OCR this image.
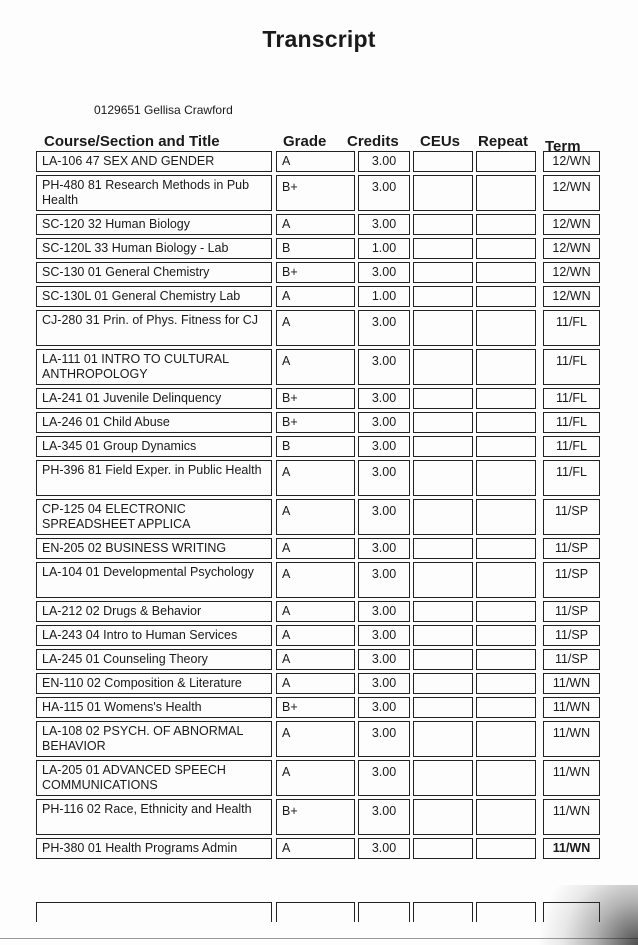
Transcript
0129651 Gellisa Crawford
Course/Section and Title	Grade Credits CEUs Repeat Term
LA-106 47 SEX AND GENDER	A	3.00	12/WN
PH-480 81 Research Methods in Pub Health
B+	3.00	12/WN
SC-120 32 Human Biology	A	3.00	12/WN
SC-120L 33 Human Biology - Lab	B	1.00	12/WN
SC-130 01 General Chemistry	B+	3.00	12/WN
SC-130L 01 General Chemistry Lab	A	1.00	12/WN
CJ-280 31 Prin. of Phys. Fitness for CJ	A	3.00	11/FL
LA-111 01 INTRO TO CULTURAL ANTHROPOLOGY
A	3.00	11/FL
LA-241 01 Juvenile Delinquency	B+	3.00	11/FL
LA-246 01 Child Abuse	B+	3.00	11/FL
LA-345 01 Group Dynamics	B	3.00	11/FL
PH-396 81 Field Exper. in Public Health	A	3.00	11/FL
CP-125 04 ELECTRONIC SPREADSHEET APPLICA
A	3.00	11/SP
EN-205 02 BUSINESS WRITING	A	3.00	11/SP
LA-104 01 Developmental Psychology	A	3.00	11/SP
LA-212 02 Drugs & Behavior	A	3.00	11/SP
LA-243 04 Intro to Human Services	A	3.00	11/SP
LA-245 01 Counseling Theory	A	3.00	11/SP
EN-110 02 Composition & Literature	A	3.00	11/WN
HA-115 01 Womens's Health	B+	3.00	11/WN
LA-108 02 PSYCH. OF ABNORMAL BEHAVIOR
A	3.00	11/WN
LA-205 01 ADVANCED SPEECH COMMUNICATIONS
A	3.00	11/WN
PH-116 02 Race, Ethnicity and Health	B+	3.00	11/WN
PH-380 01 Health Programs Admin	A	3.00	11/WN
